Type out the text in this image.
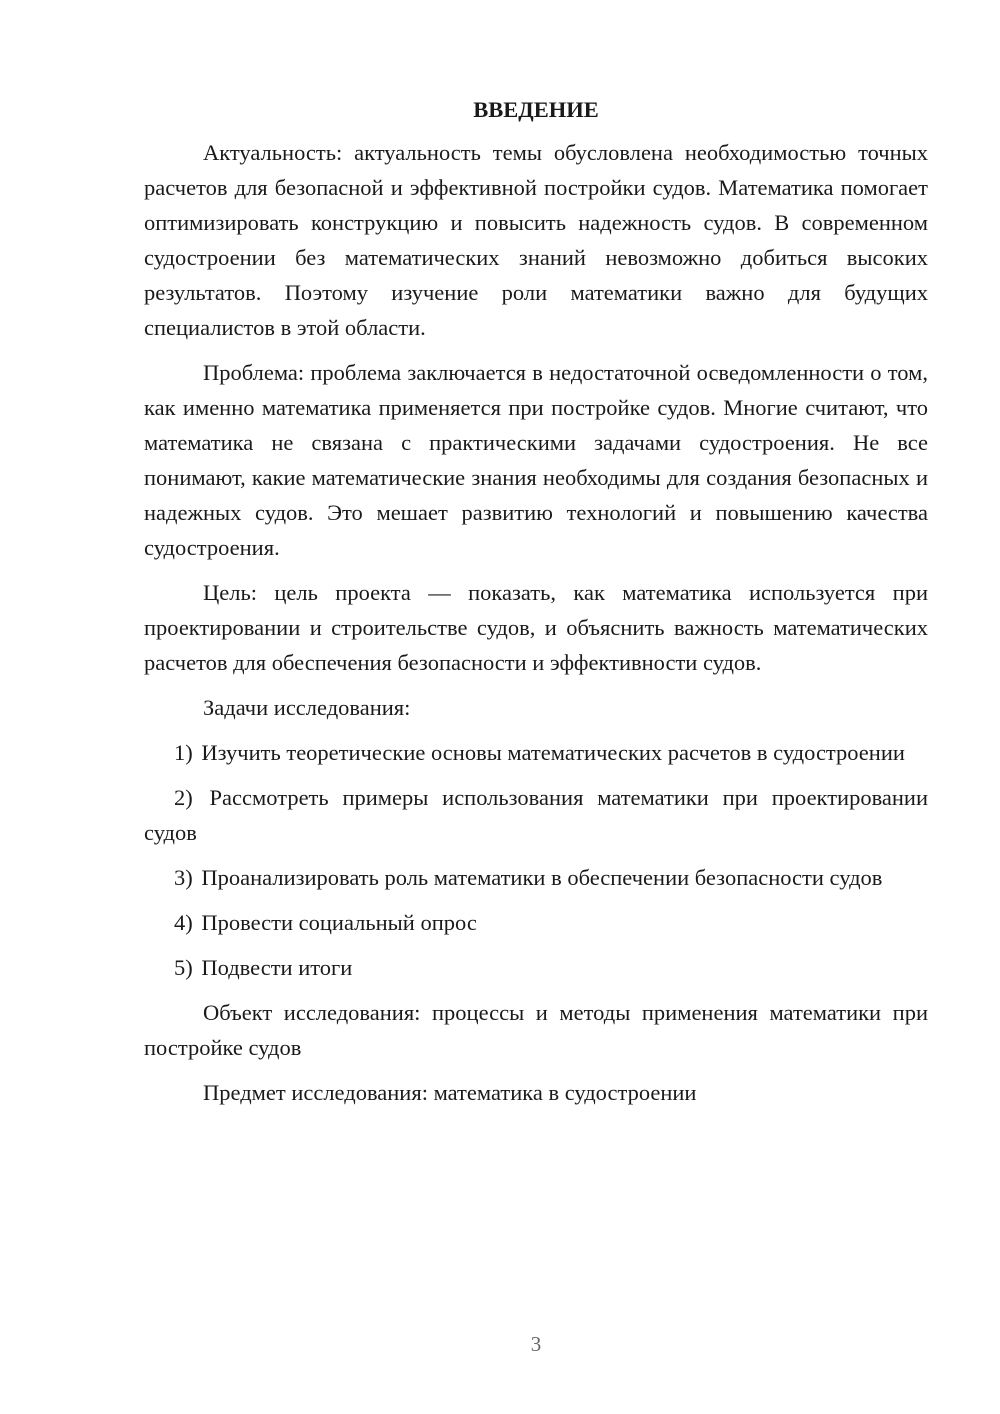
ВВЕДЕНИЕ

Актуальность: актуальность темы обусловлена необходимостью точных расчетов для безопасной и эффективной постройки судов. Математика помогает оптимизировать конструкцию и повысить надежность судов. В современном судостроении без математических знаний невозможно добиться высоких результатов. Поэтому изучение роли математики важно для будущих специалистов в этой области.

Проблема: проблема заключается в недостаточной осведомленности о том, как именно математика применяется при постройке судов. Многие считают, что математика не связана с практическими задачами судостроения. Не все понимают, какие математические знания необходимы для создания безопасных и надежных судов. Это мешает развитию технологий и повышению качества судостроения.

Цель: цель проекта — показать, как математика используется при проектировании и строительстве судов, и объяснить важность математических расчетов для обеспечения безопасности и эффективности судов.

Задачи исследования:

1) Изучить теоретические основы математических расчетов в судостроении

2) Рассмотреть примеры использования математики при проектировании судов

3) Проанализировать роль математики в обеспечении безопасности судов

4) Провести социальный опрос

5) Подвести итоги

Объект исследования: процессы и методы применения математики при постройке судов

Предмет исследования: математика в судостроении

3
